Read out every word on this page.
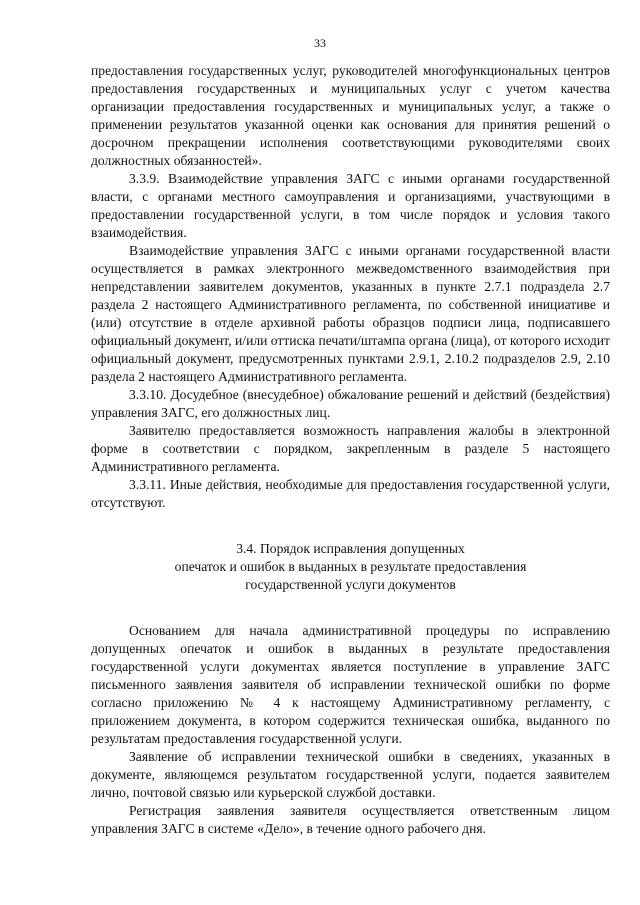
33

предоставления государственных услуг, руководителей многофункциональных центров предоставления государственных и муниципальных услуг с учетом качества организации предоставления государственных и муниципальных услуг, а также о применении результатов указанной оценки как основания для принятия решений о досрочном прекращении исполнения соответствующими руководителями своих должностных обязанностей».

3.3.9. Взаимодействие управления ЗАГС с иными органами государственной власти, с органами местного самоуправления и организациями, участвующими в предоставлении государственной услуги, в том числе порядок и условия такого взаимодействия.

Взаимодействие управления ЗАГС с иными органами государственной власти осуществляется в рамках электронного межведомственного взаимодействия при непредставлении заявителем документов, указанных в пункте 2.7.1 подраздела 2.7 раздела 2 настоящего Административного регламента, по собственной инициативе и (или) отсутствие в отделе архивной работы образцов подписи лица, подписавшего официальный документ, и/или оттиска печати/штампа органа (лица), от которого исходит официальный документ, предусмотренных пунктами 2.9.1, 2.10.2 подразделов 2.9, 2.10 раздела 2 настоящего Административного регламента.

3.3.10. Досудебное (внесудебное) обжалование решений и действий (бездействия) управления ЗАГС, его должностных лиц.

Заявителю предоставляется возможность направления жалобы в электронной форме в соответствии с порядком, закрепленным в разделе 5 настоящего Административного регламента.

3.3.11. Иные действия, необходимые для предоставления государственной услуги, отсутствуют.

3.4. Порядок исправления допущенных
опечаток и ошибок в выданных в результате предоставления
государственной услуги документов

Основанием для начала административной процедуры по исправлению допущенных опечаток и ошибок в выданных в результате предоставления государственной услуги документах является поступление в управление ЗАГС письменного заявления заявителя об исправлении технической ошибки по форме согласно приложению № 4 к настоящему Административному регламенту, с приложением документа, в котором содержится техническая ошибка, выданного по результатам предоставления государственной услуги.

Заявление об исправлении технической ошибки в сведениях, указанных в документе, являющемся результатом государственной услуги, подается заявителем лично, почтовой связью или курьерской службой доставки.

Регистрация заявления заявителя осуществляется ответственным лицом управления ЗАГС в системе «Дело», в течение одного рабочего дня.
